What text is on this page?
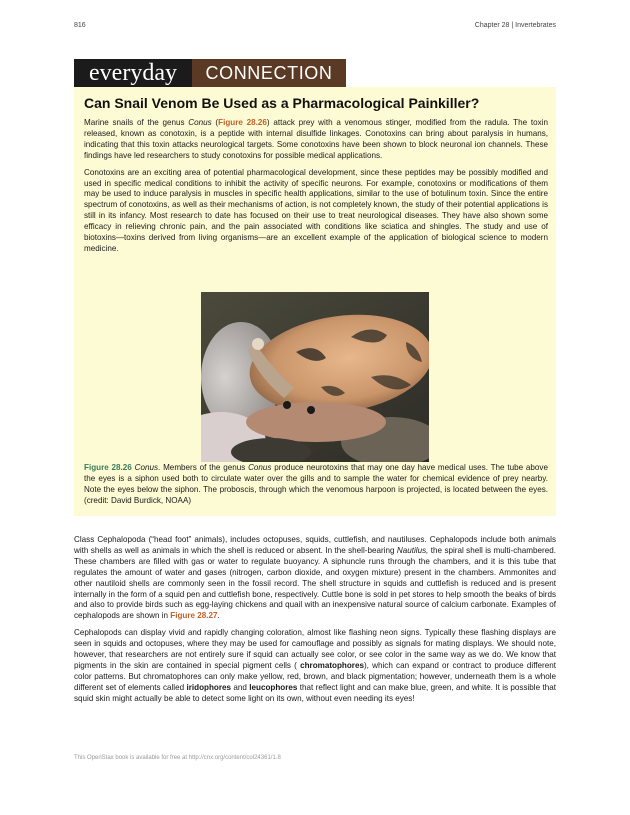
816	Chapter 28 | Invertebrates
everyday	CONNECTION
Can Snail Venom Be Used as a Pharmacological Painkiller?

Marine snails of the genus Conus (Figure 28.26) attack prey with a venomous stinger, modified from the radula. The toxin released, known as conotoxin, is a peptide with internal disulfide linkages. Conotoxins can bring about paralysis in humans, indicating that this toxin attacks neurological targets. Some conotoxins have been shown to block neuronal ion channels. These findings have led researchers to study conotoxins for possible medical applications.

Conotoxins are an exciting area of potential pharmacological development, since these peptides may be possibly modified and used in specific medical conditions to inhibit the activity of specific neurons. For example, conotoxins or modifications of them may be used to induce paralysis in muscles in specific health applications, similar to the use of botulinum toxin. Since the entire spectrum of conotoxins, as well as their mechanisms of action, is not completely known, the study of their potential applications is still in its infancy. Most research to date has focused on their use to treat neurological diseases. They have also shown some efficacy in relieving chronic pain, and the pain associated with conditions like sciatica and shingles. The study and use of biotoxins—toxins derived from living organisms—are an excellent example of the application of biological science to modern medicine.

Figure 28.26 Conus. Members of the genus Conus produce neurotoxins that may one day have medical uses. The tube above the eyes is a siphon used both to circulate water over the gills and to sample the water for chemical evidence of prey nearby. Note the eyes below the siphon. The proboscis, through which the venomous harpoon is projected, is located between the eyes. (credit: David Burdick, NOAA)

Class Cephalopoda (“head foot” animals), includes octopuses, squids, cuttlefish, and nautiluses. Cephalopods include both animals with shells as well as animals in which the shell is reduced or absent. In the shell-bearing Nautilus, the spiral shell is multi-chambered. These chambers are filled with gas or water to regulate buoyancy. A siphuncle runs through the chambers, and it is this tube that regulates the amount of water and gases (nitrogen, carbon dioxide, and oxygen mixture) present in the chambers. Ammonites and other nautiloid shells are commonly seen in the fossil record. The shell structure in squids and cuttlefish is reduced and is present internally in the form of a squid pen and cuttlefish bone, respectively. Cuttle bone is sold in pet stores to help smooth the beaks of birds and also to provide birds such as egg-laying chickens and quail with an inexpensive natural source of calcium carbonate. Examples of cephalopods are shown in Figure 28.27.

Cephalopods can display vivid and rapidly changing coloration, almost like flashing neon signs. Typically these flashing displays are seen in squids and octopuses, where they may be used for camouflage and possibly as signals for mating displays. We should note, however, that researchers are not entirely sure if squid can actually see color, or see color in the same way as we do. We know that pigments in the skin are contained in special pigment cells ( chromatophores), which can expand or contract to produce different color patterns. But chromatophores can only make yellow, red, brown, and black pigmentation; however, underneath them is a whole different set of elements called iridophores and leucophores that reflect light and can make blue, green, and white. It is possible that squid skin might actually be able to detect some light on its own, without even needing its eyes!

This OpenStax book is available for free at http://cnx.org/content/col24361/1.8
